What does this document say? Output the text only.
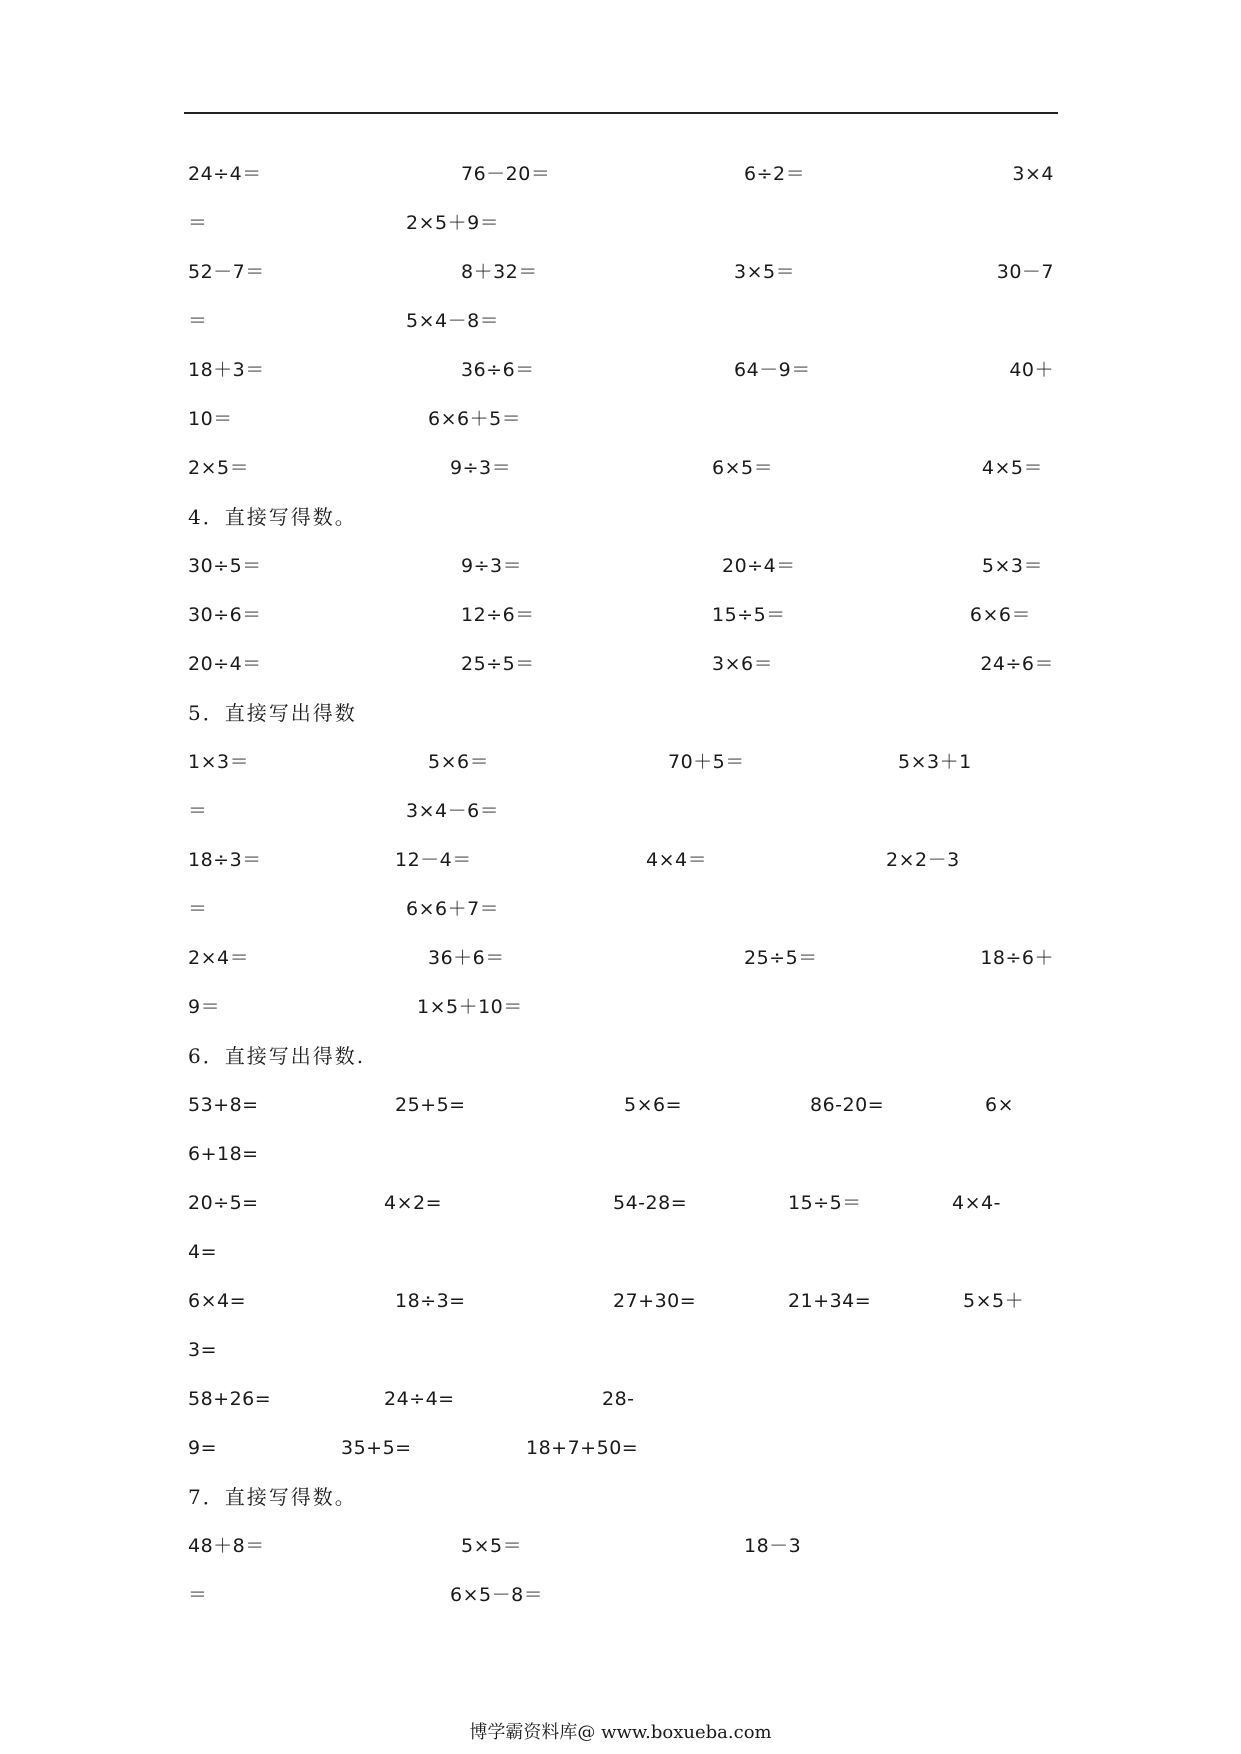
24÷4＝	76－20＝	6÷2＝	3×4
＝	2×5＋9＝
52－7＝	8＋32＝	3×5＝	30－7
＝	5×4－8＝
18＋3＝	36÷6＝	64－9＝	40＋
10＝	6×6＋5＝
2×5＝	9÷3＝	6×5＝	4×5＝
4．直接写得数。
30÷5＝	9÷3＝	20÷4＝	5×3＝
30÷6＝	12÷6＝	15÷5＝	6×6＝
20÷4＝	25÷5＝	3×6＝	24÷6＝
5．直接写出得数
1×3＝	5×6＝	70＋5＝	5×3＋1
＝	3×4－6＝
18÷3＝	12－4＝	4×4＝	2×2－3
＝	6×6＋7＝
2×4＝	36＋6＝	25÷5＝	18÷6＋
9＝	1×5＋10＝
6．直接写出得数.
53+8=	25+5=	5×6=	86-20=	6×
6+18=
20÷5=	4×2=	54-28=	15÷5＝	4×4-
4=
6×4=	18÷3=	27+30=	21+34=	5×5＋
3=
58+26=	24÷4=	28-
9=	35+5=	18+7+50=
7．直接写得数。
48＋8＝	5×5＝	18－3
＝	6×5－8＝
博学霸资料库@ www.boxueba.com
